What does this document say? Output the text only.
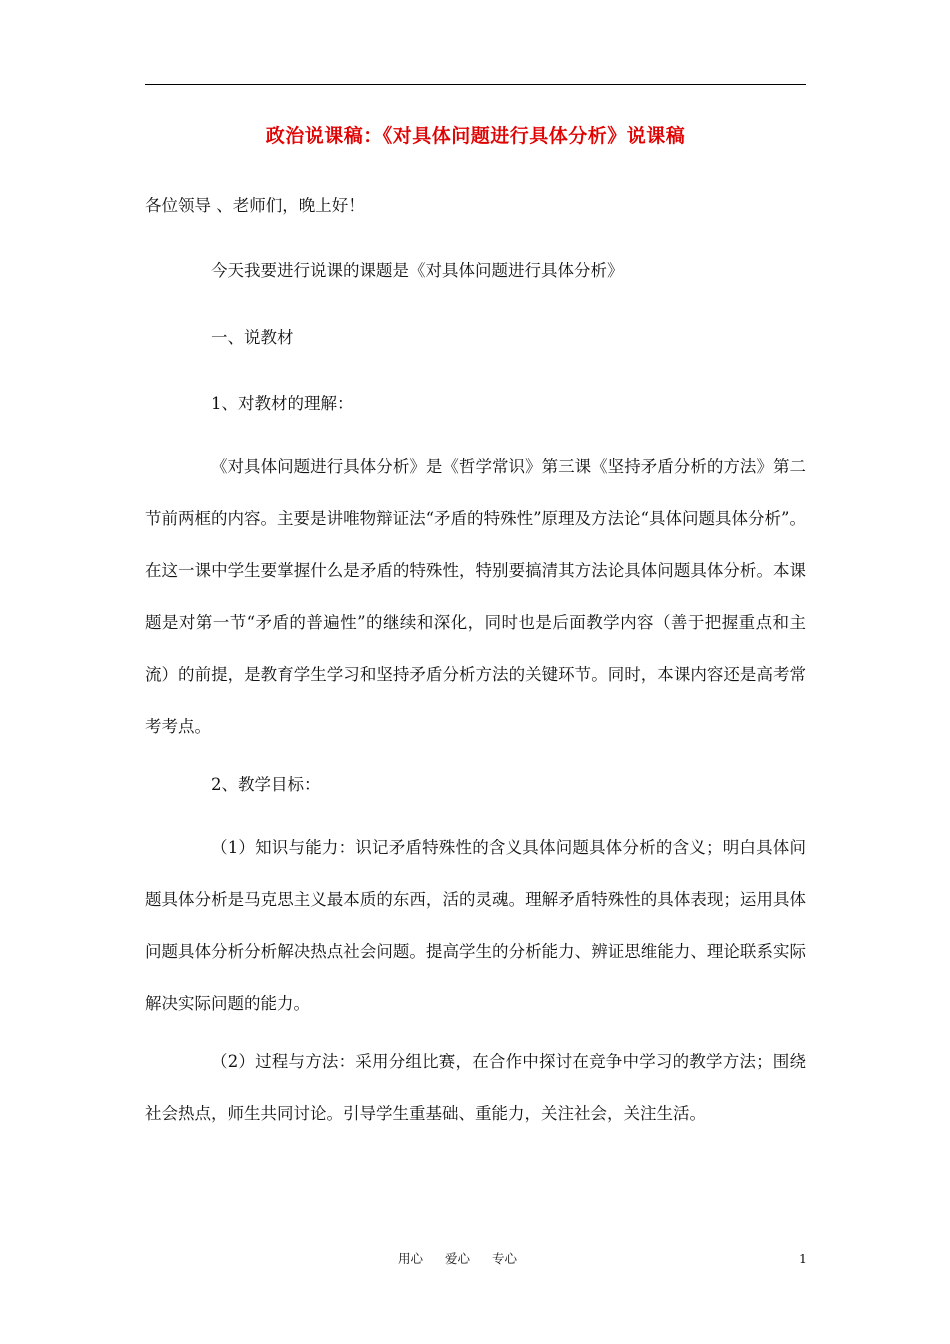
政治说课稿：《对具体问题进行具体分析》说课稿
各位领导 、老师们，晚上好！
今天我要进行说课的课题是《对具体问题进行具体分析》
一、说教材
1、对教材的理解：
《对具体问题进行具体分析》是《哲学常识》第三课《坚持矛盾分析的方法》第二节前两框的内容。主要是讲唯物辩证法“矛盾的特殊性”原理及方法论“具体问题具体分析”。在这一课中学生要掌握什么是矛盾的特殊性，特别要搞清其方法论具体问题具体分析。本课题是对第一节“矛盾的普遍性”的继续和深化，同时也是后面教学内容（善于把握重点和主流）的前提，是教育学生学习和坚持矛盾分析方法的关键环节。同时，本课内容还是高考常考考点。
2、教学目标：
（1）知识与能力：识记矛盾特殊性的含义具体问题具体分析的含义；明白具体问题具体分析是马克思主义最本质的东西，活的灵魂。理解矛盾特殊性的具体表现；运用具体问题具体分析分析解决热点社会问题。提高学生的分析能力、辨证思维能力、理论联系实际解决实际问题的能力。
（2）过程与方法：采用分组比赛，在合作中探讨在竞争中学习的教学方法；围绕社会热点，师生共同讨论。引导学生重基础、重能力，关注社会，关注生活。
用心 爱心 专心	1
